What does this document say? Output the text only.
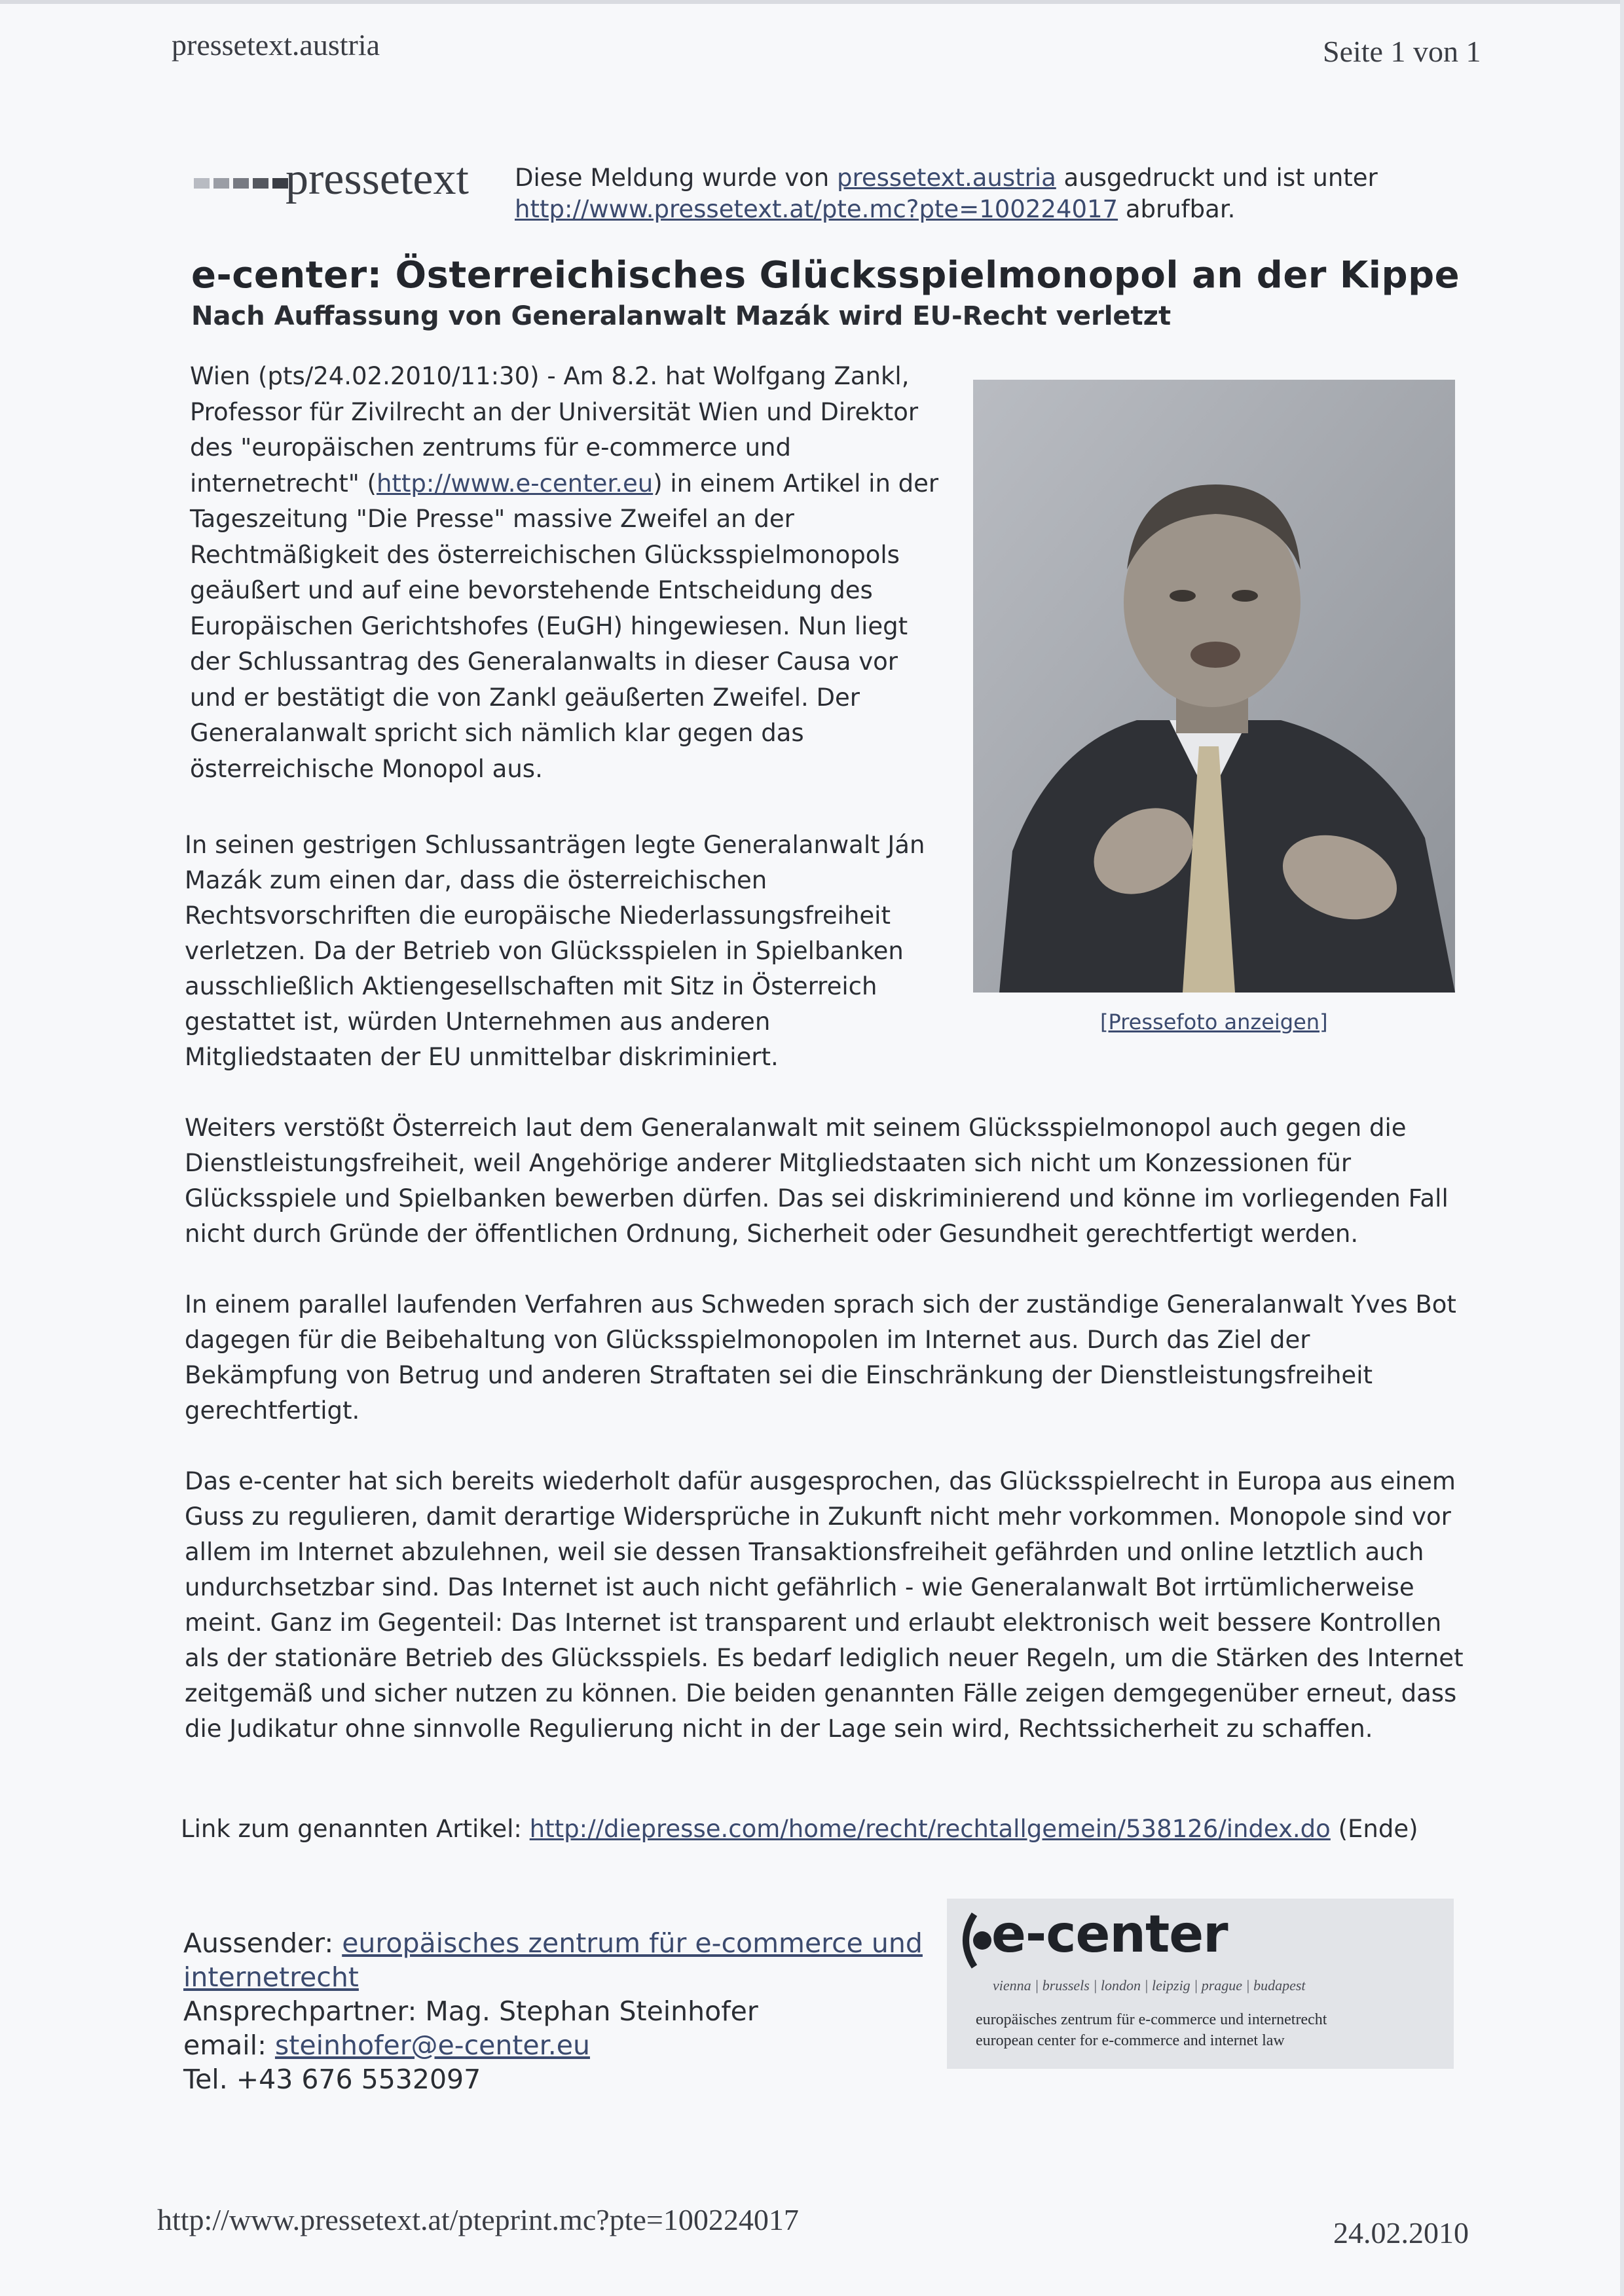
pressetext.austria	Seite 1 von 1
pressetext Diese Meldung wurde von pressetext.austria ausgedruckt und ist unter
http://www.pressetext.at/pte.mc?pte=100224017 abrufbar.
e-center: Österreichisches Glücksspielmonopol an der Kippe
Nach Auffassung von Generalanwalt Mazák wird EU-Recht verletzt

Wien (pts/24.02.2010/11:30) - Am 8.2. hat Wolfgang Zankl, Professor für Zivilrecht an der Universität Wien und Direktor des "europäischen zentrums für e-commerce und internetrecht" (http://www.e-center.eu) in einem Artikel in der Tageszeitung "Die Presse" massive Zweifel an der Rechtmäßigkeit des österreichischen Glücksspielmonopols geäußert und auf eine bevorstehende Entscheidung des Europäischen Gerichtshofes (EuGH) hingewiesen. Nun liegt der Schlussantrag des Generalanwalts in dieser Causa vor und er bestätigt die von Zankl geäußerten Zweifel. Der Generalanwalt spricht sich nämlich klar gegen das österreichische Monopol aus.

[Pressefoto anzeigen]

In seinen gestrigen Schlussanträgen legte Generalanwalt Ján Mazák zum einen dar, dass die österreichischen Rechtsvorschriften die europäische Niederlassungsfreiheit verletzen. Da der Betrieb von Glücksspielen in Spielbanken ausschließlich Aktiengesellschaften mit Sitz in Österreich gestattet ist, würden Unternehmen aus anderen Mitgliedstaaten der EU unmittelbar diskriminiert.

Weiters verstößt Österreich laut dem Generalanwalt mit seinem Glücksspielmonopol auch gegen die Dienstleistungsfreiheit, weil Angehörige anderer Mitgliedstaaten sich nicht um Konzessionen für Glücksspiele und Spielbanken bewerben dürfen. Das sei diskriminierend und könne im vorliegenden Fall nicht durch Gründe der öffentlichen Ordnung, Sicherheit oder Gesundheit gerechtfertigt werden.

In einem parallel laufenden Verfahren aus Schweden sprach sich der zuständige Generalanwalt Yves Bot dagegen für die Beibehaltung von Glücksspielmonopolen im Internet aus. Durch das Ziel der Bekämpfung von Betrug und anderen Straftaten sei die Einschränkung der Dienstleistungsfreiheit gerechtfertigt.

Das e-center hat sich bereits wiederholt dafür ausgesprochen, das Glücksspielrecht in Europa aus einem Guss zu regulieren, damit derartige Widersprüche in Zukunft nicht mehr vorkommen. Monopole sind vor allem im Internet abzulehnen, weil sie dessen Transaktionsfreiheit gefährden und online letztlich auch undurchsetzbar sind. Das Internet ist auch nicht gefährlich - wie Generalanwalt Bot irrtümlicherweise meint. Ganz im Gegenteil: Das Internet ist transparent und erlaubt elektronisch weit bessere Kontrollen als der stationäre Betrieb des Glücksspiels. Es bedarf lediglich neuer Regeln, um die Stärken des Internet zeitgemäß und sicher nutzen zu können. Die beiden genannten Fälle zeigen demgegenüber erneut, dass die Judikatur ohne sinnvolle Regulierung nicht in der Lage sein wird, Rechtssicherheit zu schaffen.

Link zum genannten Artikel: http://diepresse.com/home/recht/rechtallgemein/538126/index.do (Ende)
Aussender: europäisches zentrum für e-commerce und internetrecht
Ansprechpartner: Mag. Stephan Steinhofer
email: steinhofer@e-center.eu
Tel. +43 676 5532097
e-center
vienna | brussels | london | leipzig | prague | budapest
europäisches zentrum für e-commerce und internetrecht
european center for e-commerce and internet law
http://www.pressetext.at/pteprint.mc?pte=100224017	24.02.2010
